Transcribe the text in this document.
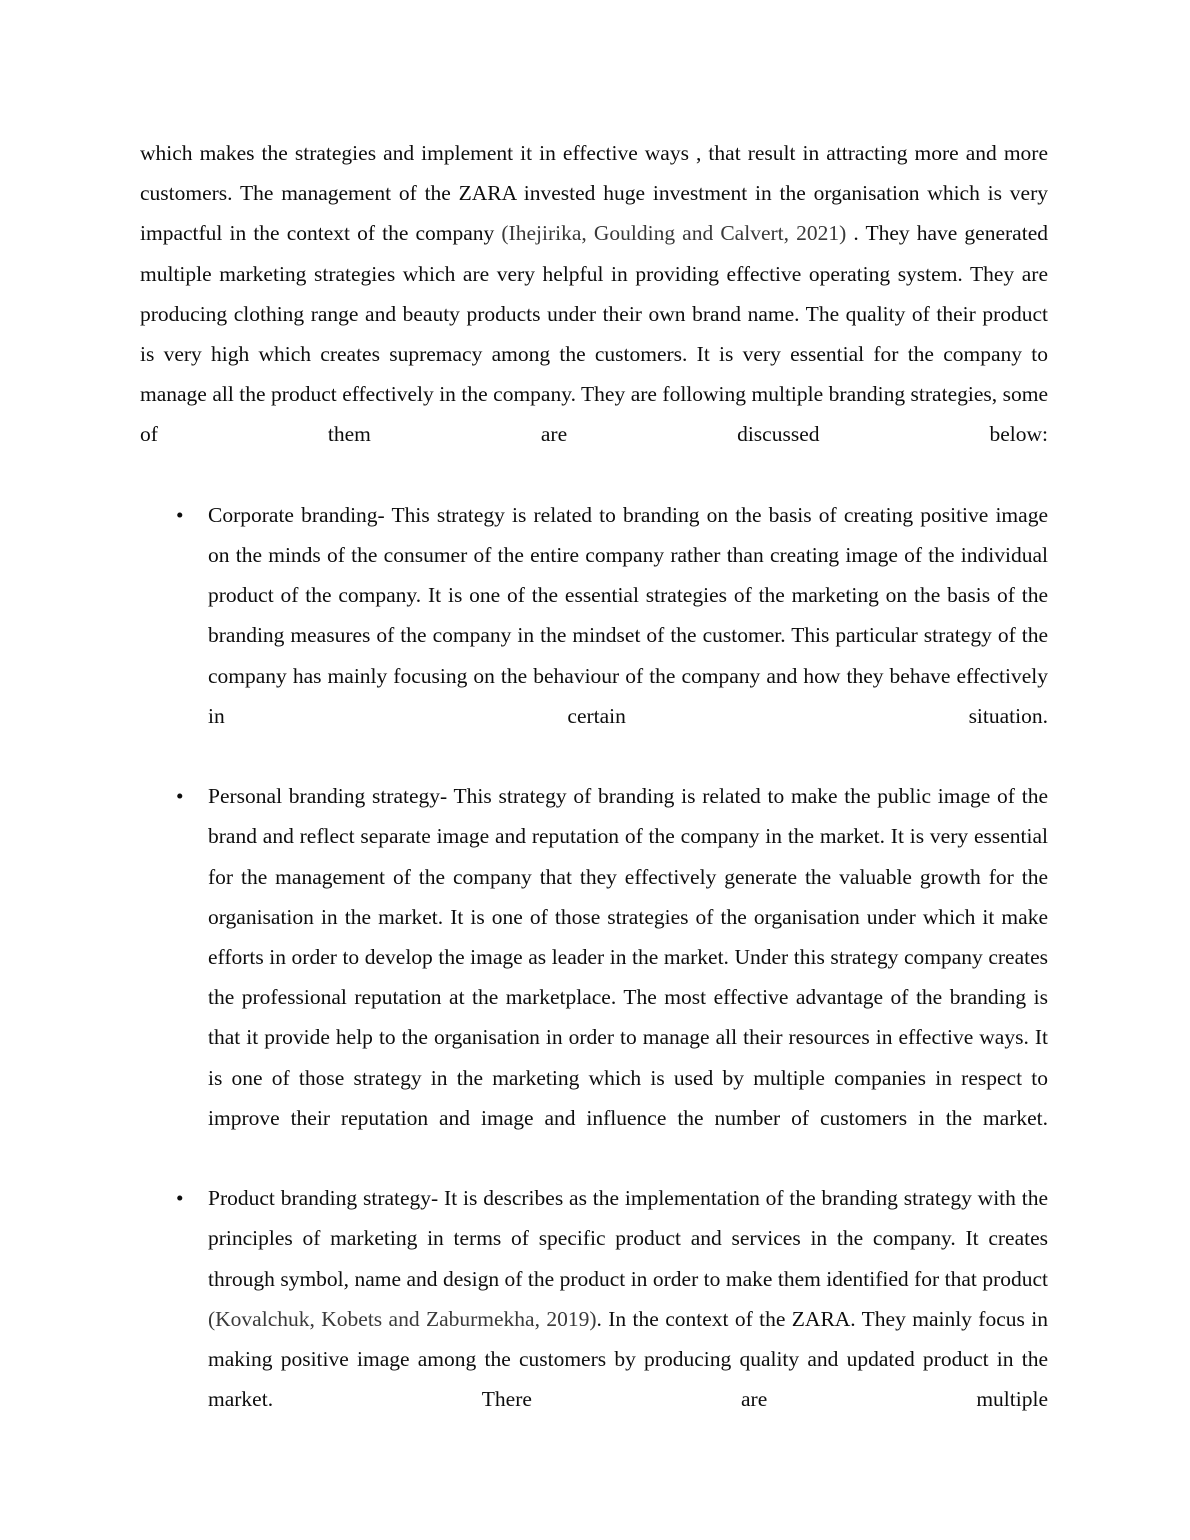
which makes the strategies and implement it in effective ways , that result in attracting more and more customers. The management of the ZARA invested huge investment in the organisation which is very impactful in the context of the company (Ihejirika, Goulding and Calvert, 2021) . They have generated multiple marketing strategies which are very helpful in providing effective operating system. They are producing clothing range and beauty products under their own brand name. The quality of their product is very high which creates supremacy among the customers. It is very essential for the company to manage all the product effectively in the company. They are following multiple branding strategies, some of them are discussed below:

•	Corporate branding- This strategy is related to branding on the basis of creating positive image on the minds of the consumer of the entire company rather than creating image of the individual product of the company. It is one of the essential strategies of the marketing on the basis of the branding measures of the company in the mindset of the customer. This particular strategy of the company has mainly focusing on the behaviour of the company and how they behave effectively in certain situation.
•	Personal branding strategy- This strategy of branding is related to make the public image of the brand and reflect separate image and reputation of the company in the market. It is very essential for the management of the company that they effectively generate the valuable growth for the organisation in the market. It is one of those strategies of the organisation under which it make efforts in order to develop the image as leader in the market. Under this strategy company creates the professional reputation at the marketplace. The most effective advantage of the branding is that it provide help to the organisation in order to manage all their resources in effective ways. It is one of those strategy in the marketing which is used by multiple companies in respect to improve their reputation and image and influence the number of customers in the market.
•	Product branding strategy- It is describes as the implementation of the branding strategy with the principles of marketing in terms of specific product and services in the company. It creates through symbol, name and design of the product in order to make them identified for that product (Kovalchuk, Kobets and Zaburmekha, 2019). In the context of the ZARA. They mainly focus in making positive image among the customers by producing quality and updated product in the market. There are multiple
